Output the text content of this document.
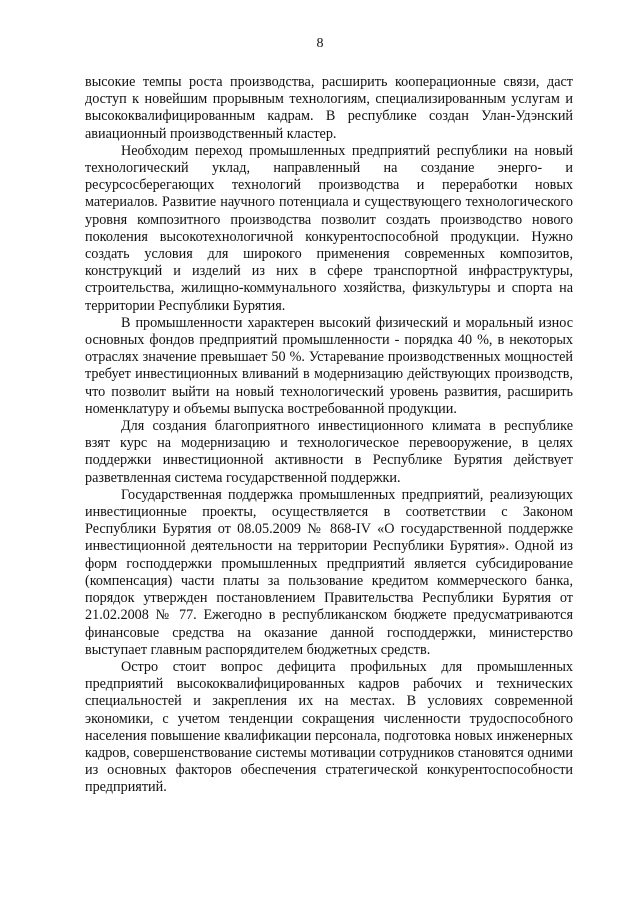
8

высокие темпы роста производства, расширить кооперационные связи, даст доступ к новейшим прорывным технологиям, специализированным услугам и высококвалифицированным кадрам. В республике создан Улан-Удэнский авиационный производственный кластер.

Необходим переход промышленных предприятий республики на новый технологический уклад, направленный на создание энерго- и ресурсосберегающих технологий производства и переработки новых материалов. Развитие научного потенциала и существующего технологического уровня композитного производства позволит создать производство нового поколения высокотехнологичной конкурентоспособной продукции. Нужно создать условия для широкого применения современных композитов, конструкций и изделий из них в сфере транспортной инфраструктуры, строительства, жилищно-коммунального хозяйства, физкультуры и спорта на территории Республики Бурятия.

В промышленности характерен высокий физический и моральный износ основных фондов предприятий промышленности - порядка 40 %, в некоторых отраслях значение превышает 50 %. Устаревание производственных мощностей требует инвестиционных вливаний в модернизацию действующих производств, что позволит выйти на новый технологический уровень развития, расширить номенклатуру и объемы выпуска востребованной продукции.

Для создания благоприятного инвестиционного климата в республике взят курс на модернизацию и технологическое перевооружение, в целях поддержки инвестиционной активности в Республике Бурятия действует разветвленная система государственной поддержки.

Государственная поддержка промышленных предприятий, реализующих инвестиционные проекты, осуществляется в соответствии с Законом Республики Бурятия от 08.05.2009 № 868-IV «О государственной поддержке инвестиционной деятельности на территории Республики Бурятия». Одной из форм господдержки промышленных предприятий является субсидирование (компенсация) части платы за пользование кредитом коммерческого банка, порядок утвержден постановлением Правительства Республики Бурятия от 21.02.2008 № 77. Ежегодно в республиканском бюджете предусматриваются финансовые средства на оказание данной господдержки, министерство выступает главным распорядителем бюджетных средств.

Остро стоит вопрос дефицита профильных для промышленных предприятий высококвалифицированных кадров рабочих и технических специальностей и закрепления их на местах. В условиях современной экономики, с учетом тенденции сокращения численности трудоспособного населения повышение квалификации персонала, подготовка новых инженерных кадров, совершенствование системы мотивации сотрудников становятся одними из основных факторов обеспечения стратегической конкурентоспособности предприятий.
